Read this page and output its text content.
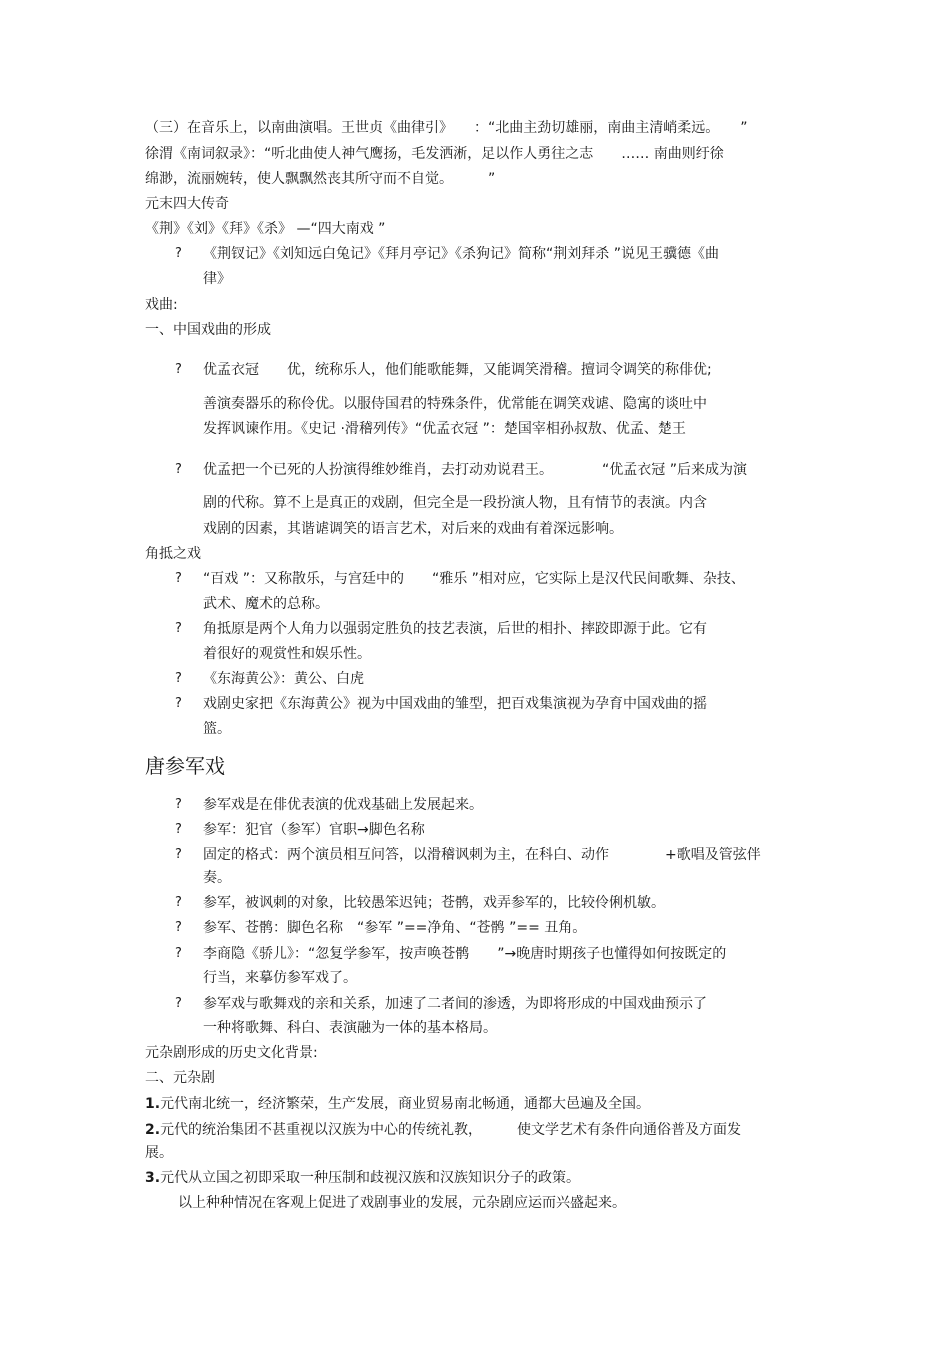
（三）在音乐上，以南曲演唱。王世贞《曲律引》　　：“北曲主劲切雄丽，南曲主清峭柔远。　　”
徐渭《南词叙录》：“听北曲使人神气鹰扬，毛发洒淅，足以作人勇往之志　　…… 南曲则纡徐
绵渺，流丽婉转，使人飘飘然丧其所守而不自觉。　　　”
元末四大传奇
《荆》《刘》《拜》《杀》 —“四大南戏 ”
? 《荆钗记》《刘知远白兔记》《拜月亭记》《杀狗记》简称“荆刘拜杀 ”说见王骥德《曲
律》
戏曲:
一、中国戏曲的形成
? 优孟衣冠　　优，统称乐人，他们能歌能舞，又能调笑滑稽。擅词令调笑的称俳优;
善演奏器乐的称伶优。以服侍国君的特殊条件，优常能在调笑戏谑、隐寓的谈吐中
发挥讽谏作用。《史记 ·滑稽列传》“优孟衣冠 ”：楚国宰相孙叔敖、优孟、楚王
? 优孟把一个已死的人扮演得维妙维肖，去打动劝说君王。　　　　“优孟衣冠 ”后来成为演
剧的代称。算不上是真正的戏剧，但完全是一段扮演人物，且有情节的表演。内含
戏剧的因素，其谐谑调笑的语言艺术，对后来的戏曲有着深远影响。
角抵之戏
? “百戏 ”：又称散乐，与宫廷中的　　“雅乐 ”相对应，它实际上是汉代民间歌舞、杂技、
武术、魔术的总称。
? 角抵原是两个人角力以强弱定胜负的技艺表演，后世的相扑、摔跤即源于此。它有
着很好的观赏性和娱乐性。
? 《东海黄公》：黄公、白虎
? 戏剧史家把《东海黄公》视为中国戏曲的雏型，把百戏集演视为孕育中国戏曲的摇
篮。
唐参军戏
? 参军戏是在俳优表演的优戏基础上发展起来。
? 参军：犯官（参军）官职→脚色名称
? 固定的格式：两个演员相互问答，以滑稽讽刺为主，在科白、动作　　　　+歌唱及管弦伴
奏。
? 参军，被讽刺的对象，比较愚笨迟钝；苍鹘，戏弄参军的，比较伶俐机敏。
? 参军、苍鹘：脚色名称　“参军 ”==净角、“苍鹘 ”== 丑角。
? 李商隐《骄儿》：“忽复学参军，按声唤苍鹘　　”→晚唐时期孩子也懂得如何按既定的
行当，来摹仿参军戏了。
? 参军戏与歌舞戏的亲和关系，加速了二者间的渗透，为即将形成的中国戏曲预示了
一种将歌舞、科白、表演融为一体的基本格局。
元杂剧形成的历史文化背景:
二、元杂剧
1.元代南北统一，经济繁荣，生产发展，商业贸易南北畅通，通都大邑遍及全国。
2.元代的统治集团不甚重视以汉族为中心的传统礼教，　　　使文学艺术有条件向通俗普及方面发
展。
3.元代从立国之初即采取一种压制和歧视汉族和汉族知识分子的政策。
以上种种情况在客观上促进了戏剧事业的发展，元杂剧应运而兴盛起来。
